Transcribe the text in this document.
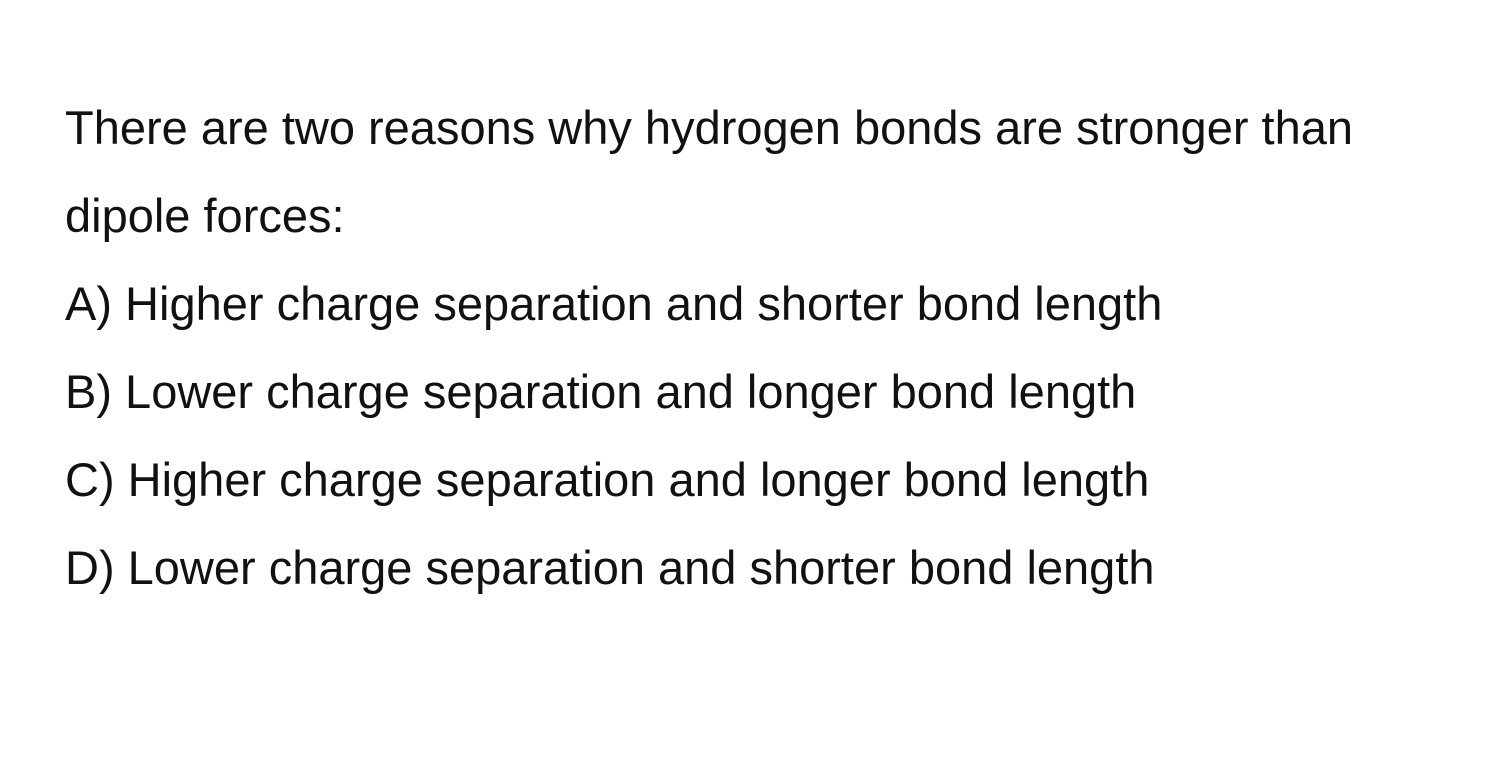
There are two reasons why hydrogen bonds are stronger than dipole forces:

A) Higher charge separation and shorter bond length
B) Lower charge separation and longer bond length
C) Higher charge separation and longer bond length
D) Lower charge separation and shorter bond length
